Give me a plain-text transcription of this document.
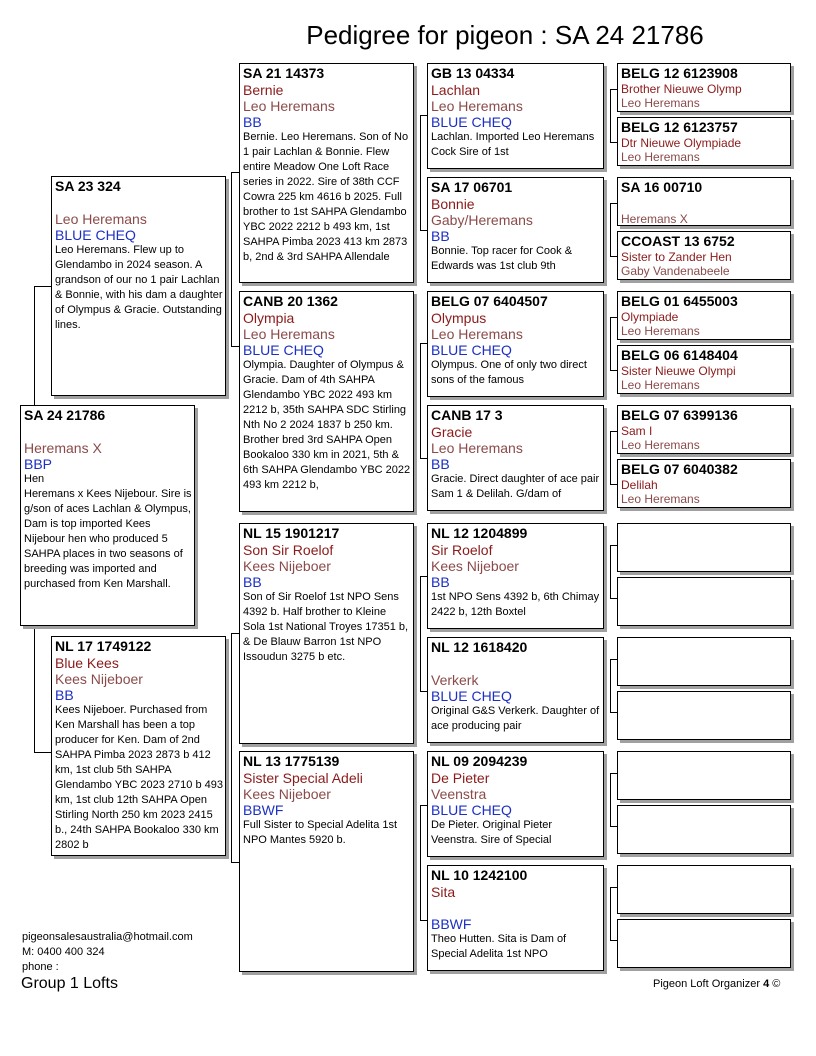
Pedigree for pigeon : SA 24 21786
SA 24 21786
Heremans X
BBP
Hen
Heremans x Kees Nijebour. Sire is g/son of aces Lachlan & Olympus, Dam is top imported Kees Nijebour hen who produced 5 SAHPA places in two seasons of breeding was imported and purchased from Ken Marshall.
SA 23 324
Leo Heremans
BLUE CHEQ
Leo Heremans. Flew up to Glendambo in 2024 season. A grandson of our no 1 pair Lachlan & Bonnie, with his dam a daughter of Olympus & Gracie. Outstanding lines.
NL 17 1749122
Blue Kees
Kees Nijeboer
BB
Kees Nijeboer. Purchased from Ken Marshall has been a top producer for Ken. Dam of 2nd SAHPA Pimba 2023 2873 b 412 km, 1st club 5th SAHPA Glendambo YBC 2023 2710 b 493 km, 1st club 12th SAHPA Open Stirling North 250 km 2023 2415 b., 24th SAHPA Bookaloo 330 km 2802 b
SA 21 14373
Bernie
Leo Heremans
BB
Bernie. Leo Heremans. Son of No 1 pair Lachlan & Bonnie. Flew entire Meadow One Loft Race series in 2022. Sire of 38th CCF Cowra 225 km 4616 b 2025. Full brother to 1st SAHPA Glendambo YBC 2022 2212 b 493 km, 1st SAHPA Pimba 2023 413 km 2873 b, 2nd & 3rd SAHPA Allendale
CANB 20 1362
Olympia
Leo Heremans
BLUE CHEQ
Olympia. Daughter of Olympus & Gracie. Dam of 4th SAHPA Glendambo YBC 2022 493 km 2212 b, 35th SAHPA SDC Stirling Nth No 2 2024 1837 b 250 km. Brother bred 3rd SAHPA Open Bookaloo 330 km in 2021, 5th & 6th SAHPA Glendambo YBC 2022 493 km 2212 b,
NL 15 1901217
Son Sir Roelof
Kees Nijeboer
BB
Son of Sir Roelof 1st NPO Sens 4392 b. Half brother to Kleine Sola 1st National Troyes 17351 b, & De Blauw Barron 1st NPO Issoudun 3275 b etc.
NL 13 1775139
Sister Special Adeli
Kees Nijeboer
BBWF
Full Sister to Special Adelita 1st NPO Mantes 5920 b.
GB 13 04334
Lachlan
Leo Heremans
BLUE CHEQ
Lachlan. Imported Leo Heremans Cock Sire of 1st
SA 17 06701
Bonnie
Gaby/Heremans
BB
Bonnie. Top racer for Cook & Edwards was 1st club 9th
BELG 07 6404507
Olympus
Leo Heremans
BLUE CHEQ
Olympus. One of only two direct sons of the famous
CANB 17 3
Gracie
Leo Heremans
BB
Gracie. Direct daughter of ace pair Sam 1 & Delilah. G/dam of
NL 12 1204899
Sir Roelof
Kees Nijeboer
BB
1st NPO Sens 4392 b, 6th Chimay 2422 b, 12th Boxtel
NL 12 1618420
Verkerk
BLUE CHEQ
Original G&S Verkerk. Daughter of ace producing pair
NL 09 2094239
De Pieter
Veenstra
BLUE CHEQ
De Pieter. Original Pieter Veenstra. Sire of Special
NL 10 1242100
Sita
BBWF
Theo Hutten. Sita is Dam of Special Adelita 1st NPO
BELG 12 6123908
Brother Nieuwe Olymp
Leo Heremans
BELG 12 6123757
Dtr Nieuwe Olympiade
Leo Heremans
SA 16 00710
Heremans X
CCOAST 13 6752
Sister to Zander Hen
Gaby Vandenabeele
BELG 01 6455003
Olympiade
Leo Heremans
BELG 06 6148404
Sister Nieuwe Olympi
Leo Heremans
BELG 07 6399136
Sam I
Leo Heremans
BELG 07 6040382
Delilah
Leo Heremans
pigeonsalesaustralia@hotmail.com
M: 0400 400 324
phone :
Group 1 Lofts	Pigeon Loft Organizer 4 ©
